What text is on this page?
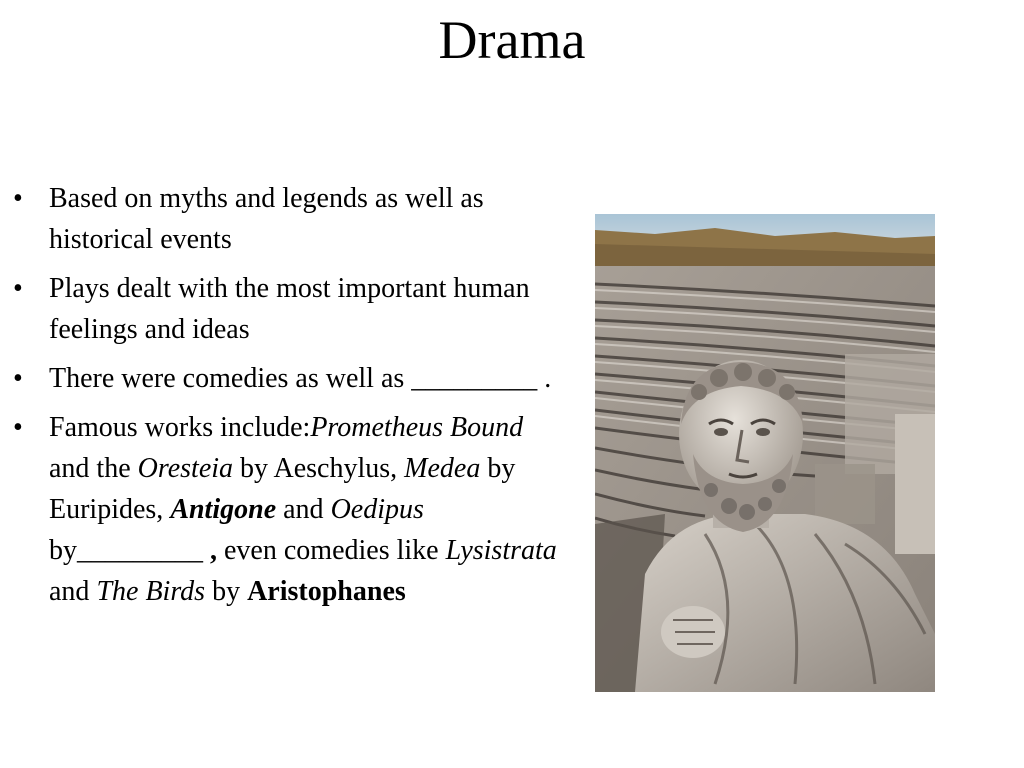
Drama
• Based on myths and legends as well as historical events
• Plays dealt with the most important human feelings and ideas
• There were comedies as well as _________ .
• Famous works include:Prometheus Bound and the Oresteia by Aeschylus, Medea by Euripides, Antigone and Oedipus by_________ , even comedies like Lysistrata and The Birds by Aristophanes
